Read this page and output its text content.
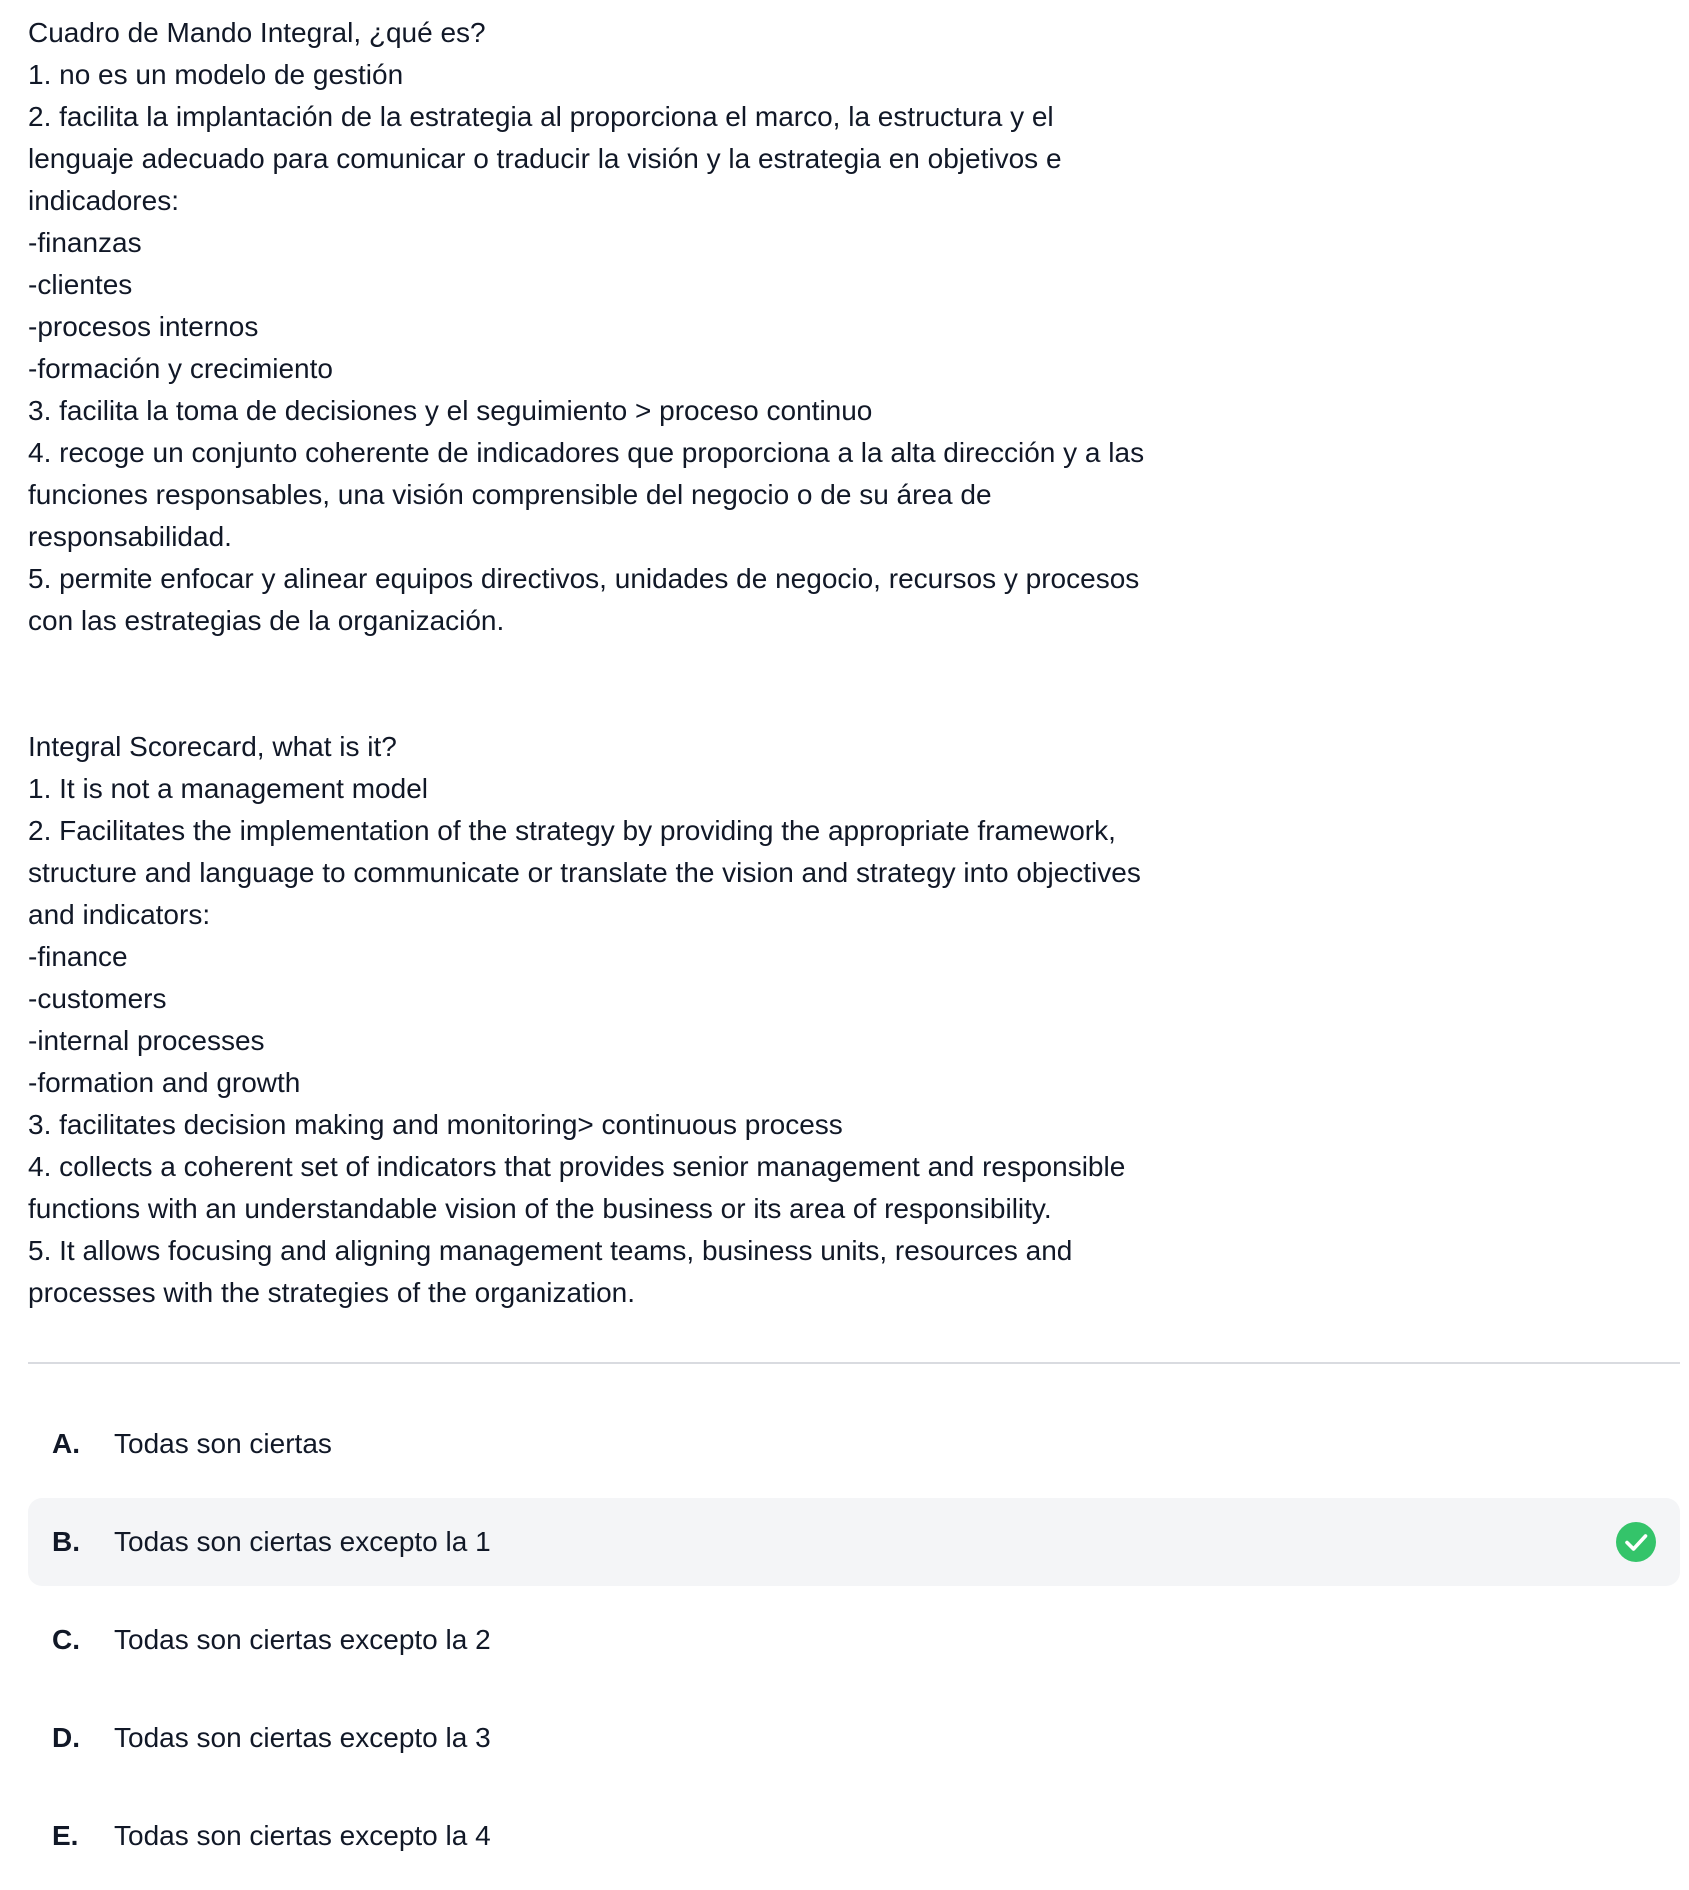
Cuadro de Mando Integral, ¿qué es?
1. no es un modelo de gestión
2. facilita la implantación de la estrategia al proporciona el marco, la estructura y el
lenguaje adecuado para comunicar o traducir la visión y la estrategia en objetivos e
indicadores:
-finanzas
-clientes
-procesos internos
-formación y crecimiento
3. facilita la toma de decisiones y el seguimiento > proceso continuo
4. recoge un conjunto coherente de indicadores que proporciona a la alta dirección y a las
funciones responsables, una visión comprensible del negocio o de su área de
responsabilidad.
5. permite enfocar y alinear equipos directivos, unidades de negocio, recursos y procesos
con las estrategias de la organización.
Integral Scorecard, what is it?
1. It is not a management model
2. Facilitates the implementation of the strategy by providing the appropriate framework,
structure and language to communicate or translate the vision and strategy into objectives
and indicators:
-finance
-customers
-internal processes
-formation and growth
3. facilitates decision making and monitoring> continuous process
4. collects a coherent set of indicators that provides senior management and responsible
functions with an understandable vision of the business or its area of responsibility.
5. It allows focusing and aligning management teams, business units, resources and
processes with the strategies of the organization.
A.	Todas son ciertas
B.	Todas son ciertas excepto la 1
C.	Todas son ciertas excepto la 2
D.	Todas son ciertas excepto la 3
E.	Todas son ciertas excepto la 4
